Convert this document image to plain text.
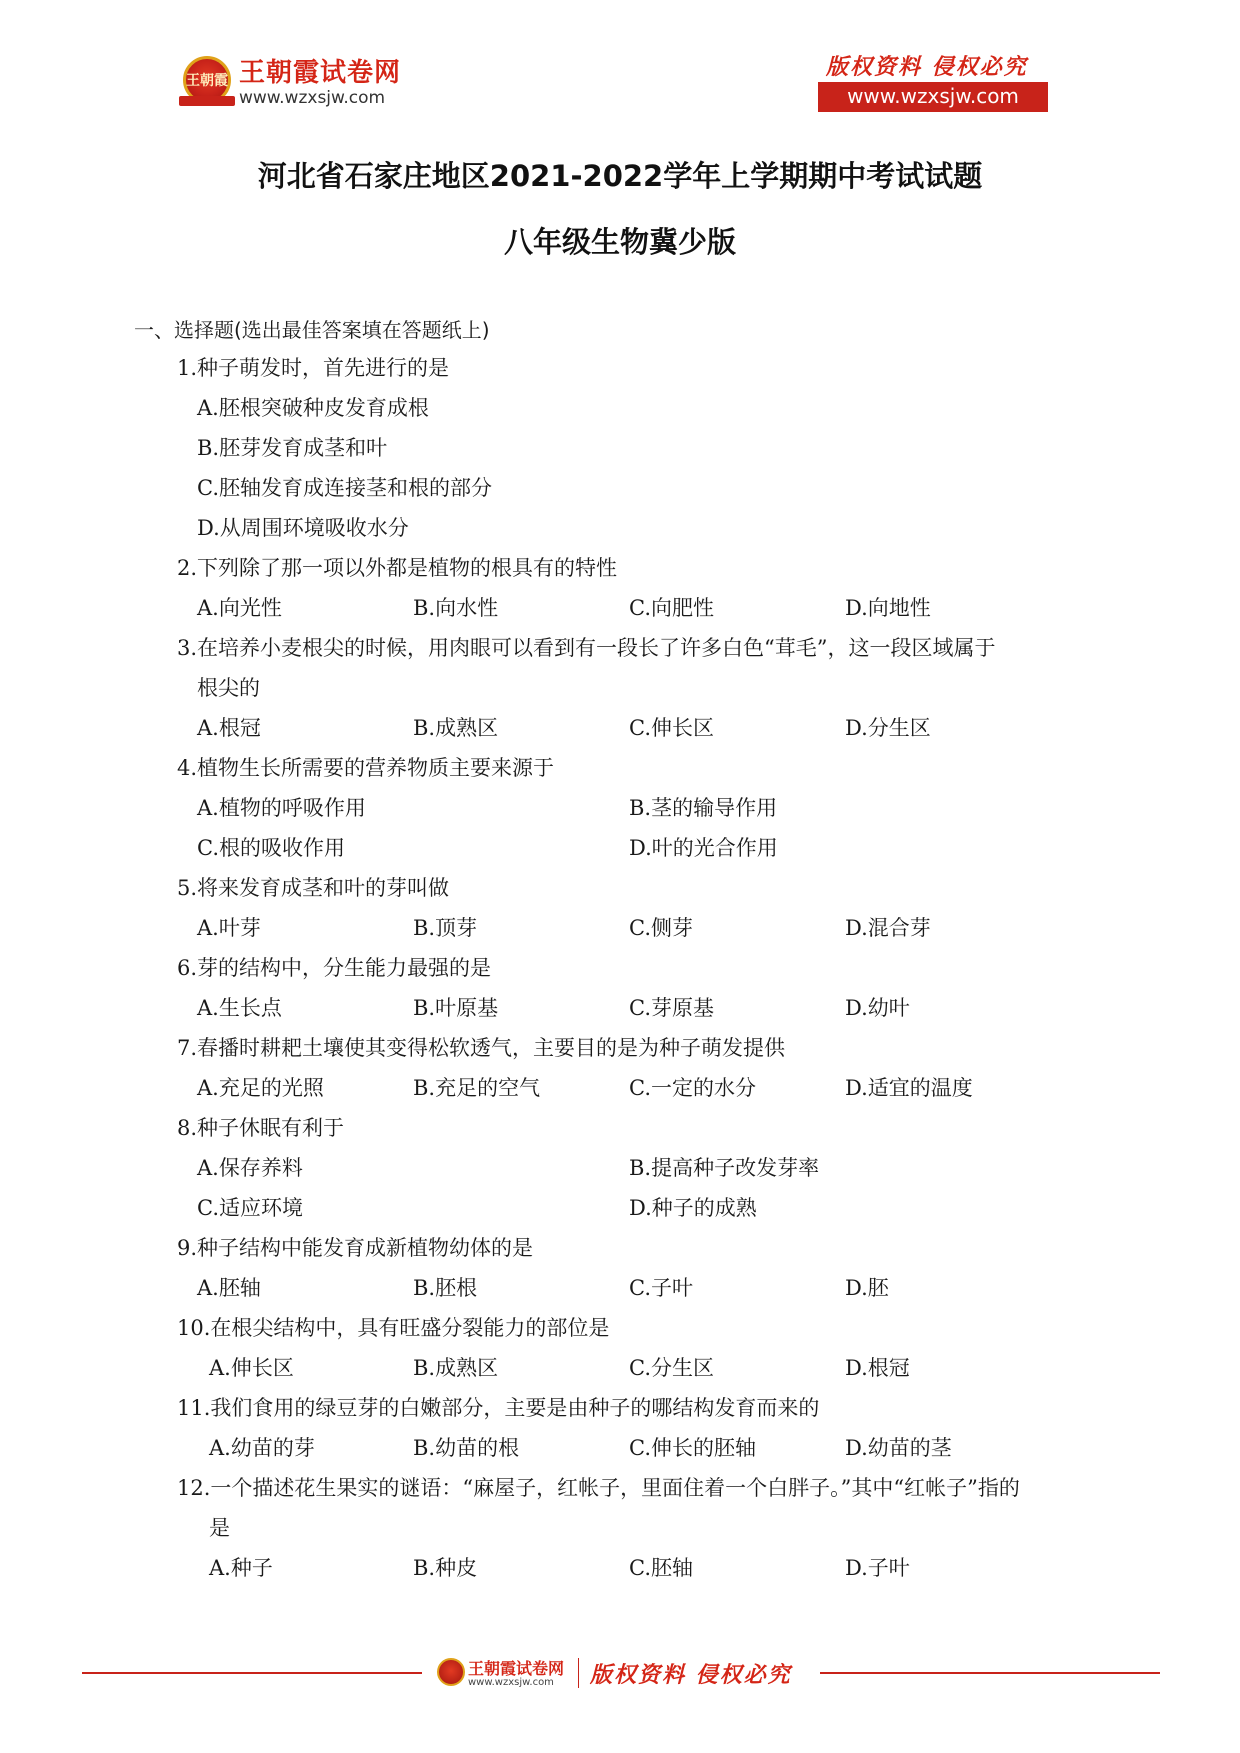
王朝霞 王朝霞试卷网
www.wzxsjw.com
版权资料 侵权必究
www.wzxsjw.com
河北省石家庄地区2021-2022学年上学期期中考试试题
八年级生物冀少版
一、选择题(选出最佳答案填在答题纸上)
1.种子萌发时，首先进行的是
A.胚根突破种皮发育成根
B.胚芽发育成茎和叶
C.胚轴发育成连接茎和根的部分
D.从周围环境吸收水分
2.下列除了那一项以外都是植物的根具有的特性
A.向光性	B.向水性	C.向肥性	D.向地性
3.在培养小麦根尖的时候，用肉眼可以看到有一段长了许多白色“茸毛”，这一段区域属于
根尖的
A.根冠	B.成熟区	C.伸长区	D.分生区
4.植物生长所需要的营养物质主要来源于
A.植物的呼吸作用	B.茎的输导作用
C.根的吸收作用	D.叶的光合作用
5.将来发育成茎和叶的芽叫做
A.叶芽	B.顶芽	C.侧芽	D.混合芽
6.芽的结构中，分生能力最强的是
A.生长点	B.叶原基	C.芽原基	D.幼叶
7.春播时耕耙土壤使其变得松软透气，主要目的是为种子萌发提供
A.充足的光照	B.充足的空气	C.一定的水分	D.适宜的温度
8.种子休眠有利于
A.保存养料	B.提高种子改发芽率
C.适应环境	D.种子的成熟
9.种子结构中能发育成新植物幼体的是
A.胚轴	B.胚根	C.子叶	D.胚
10.在根尖结构中，具有旺盛分裂能力的部位是
A.伸长区	B.成熟区	C.分生区	D.根冠
11.我们食用的绿豆芽的白嫩部分，主要是由种子的哪结构发育而来的
A.幼苗的芽	B.幼苗的根	C.伸长的胚轴	D.幼苗的茎
12.一个描述花生果实的谜语：“麻屋子，红帐子，里面住着一个白胖子。”其中“红帐子”指的
是
A.种子	B.种皮	C.胚轴	D.子叶
王朝霞试卷网
www.wzxsjw.com 版权资料 侵权必究
